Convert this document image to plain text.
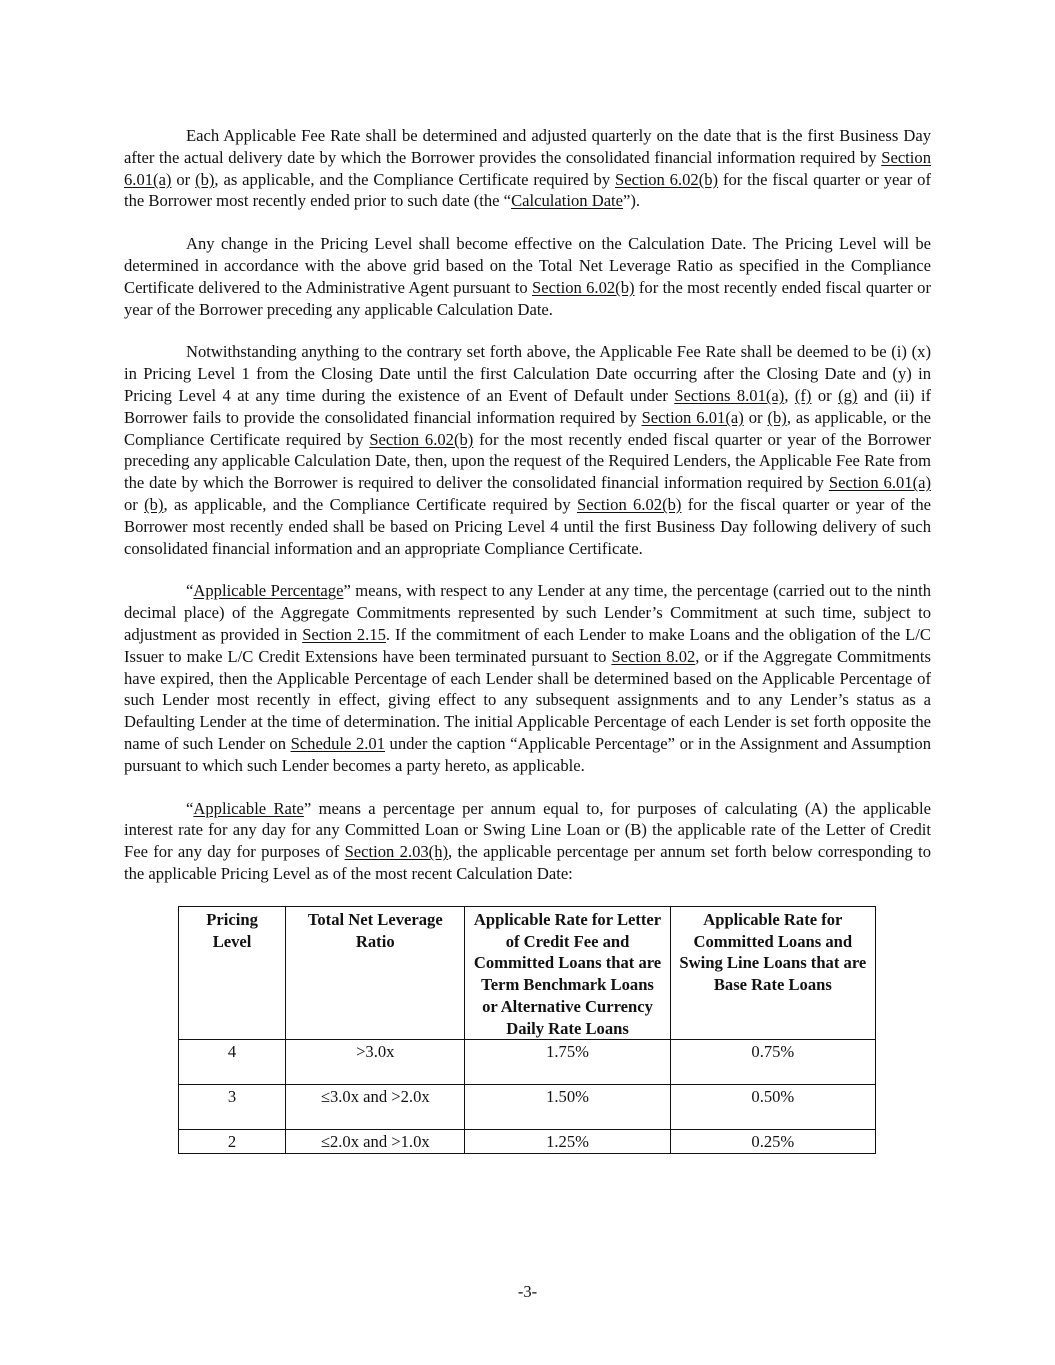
Each Applicable Fee Rate shall be determined and adjusted quarterly on the date that is the first Business Day after the actual delivery date by which the Borrower provides the consolidated financial information required by Section 6.01(a) or (b), as applicable, and the Compliance Certificate required by Section 6.02(b) for the fiscal quarter or year of the Borrower most recently ended prior to such date (the “Calculation Date”).

Any change in the Pricing Level shall become effective on the Calculation Date. The Pricing Level will be determined in accordance with the above grid based on the Total Net Leverage Ratio as specified in the Compliance Certificate delivered to the Administrative Agent pursuant to Section 6.02(b) for the most recently ended fiscal quarter or year of the Borrower preceding any applicable Calculation Date.

Notwithstanding anything to the contrary set forth above, the Applicable Fee Rate shall be deemed to be (i) (x) in Pricing Level 1 from the Closing Date until the first Calculation Date occurring after the Closing Date and (y) in Pricing Level 4 at any time during the existence of an Event of Default under Sections 8.01(a), (f) or (g) and (ii) if Borrower fails to provide the consolidated financial information required by Section 6.01(a) or (b), as applicable, or the Compliance Certificate required by Section 6.02(b) for the most recently ended fiscal quarter or year of the Borrower preceding any applicable Calculation Date, then, upon the request of the Required Lenders, the Applicable Fee Rate from the date by which the Borrower is required to deliver the consolidated financial information required by Section 6.01(a) or (b), as applicable, and the Compliance Certificate required by Section 6.02(b) for the fiscal quarter or year of the Borrower most recently ended shall be based on Pricing Level 4 until the first Business Day following delivery of such consolidated financial information and an appropriate Compliance Certificate.

“Applicable Percentage” means, with respect to any Lender at any time, the percentage (carried out to the ninth decimal place) of the Aggregate Commitments represented by such Lender’s Commitment at such time, subject to adjustment as provided in Section 2.15. If the commitment of each Lender to make Loans and the obligation of the L/C Issuer to make L/C Credit Extensions have been terminated pursuant to Section 8.02, or if the Aggregate Commitments have expired, then the Applicable Percentage of each Lender shall be determined based on the Applicable Percentage of such Lender most recently in effect, giving effect to any subsequent assignments and to any Lender’s status as a Defaulting Lender at the time of determination. The initial Applicable Percentage of each Lender is set forth opposite the name of such Lender on Schedule 2.01 under the caption “Applicable Percentage” or in the Assignment and Assumption pursuant to which such Lender becomes a party hereto, as applicable.

“Applicable Rate” means a percentage per annum equal to, for purposes of calculating (A) the applicable interest rate for any day for any Committed Loan or Swing Line Loan or (B) the applicable rate of the Letter of Credit Fee for any day for purposes of Section 2.03(h), the applicable percentage per annum set forth below corresponding to the applicable Pricing Level as of the most recent Calculation Date:

Pricing Level	Total Net Leverage Ratio	Applicable Rate for Letter of Credit Fee and Committed Loans that are Term Benchmark Loans or Alternative Currency Daily Rate Loans	Applicable Rate for Committed Loans and Swing Line Loans that are Base Rate Loans
4	>3.0x	1.75%	0.75%
3	≤3.0x and >2.0x	1.50%	0.50%
2	≤2.0x and >1.0x	1.25%	0.25%
-3-
